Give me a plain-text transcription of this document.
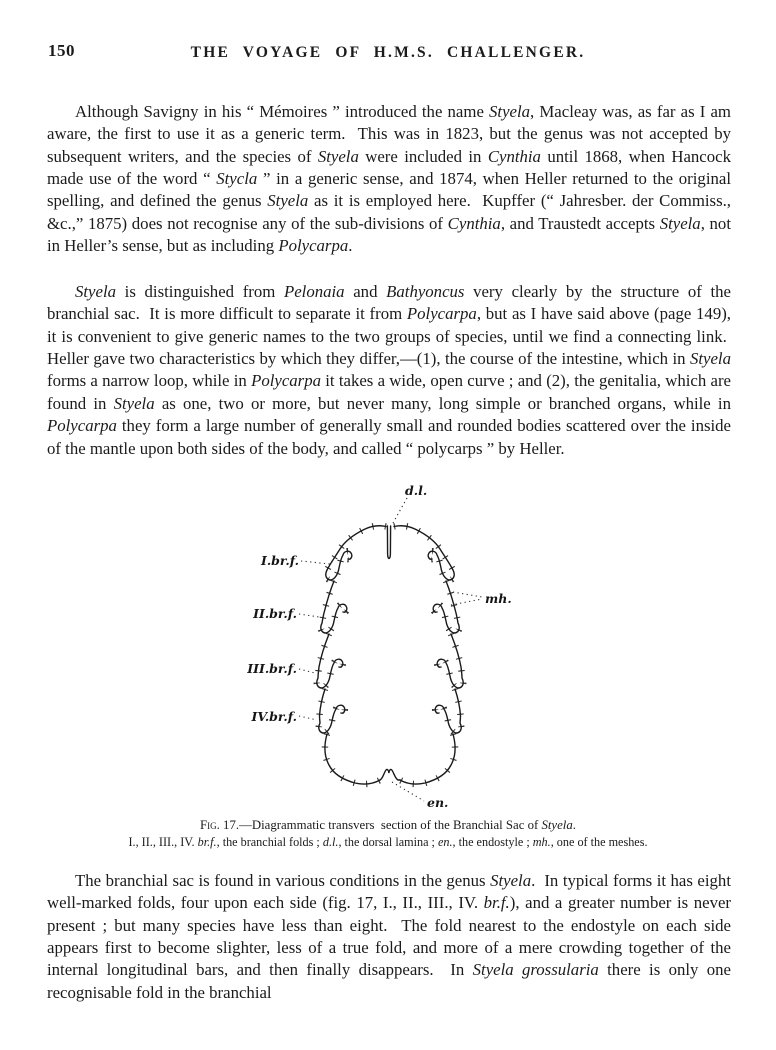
150	THE VOYAGE OF H.M.S. CHALLENGER.

Although Savigny in his “ Mémoires ” introduced the name Styela, Macleay was, as far as I am aware, the first to use it as a generic term.  This was in 1823, but the genus was not accepted by subsequent writers, and the species of Styela were included in Cynthia until 1868, when Hancock made use of the word “ Stycla ” in a generic sense, and 1874, when Heller returned to the original spelling, and defined the genus Styela as it is employed here.  Kupffer (“ Jahresber. der Commiss., &c.,” 1875) does not recognise any of the sub-divisions of Cynthia, and Traustedt accepts Styela, not in Heller’s sense, but as including Polycarpa.

Styela is distinguished from Pelonaia and Bathyoncus very clearly by the structure of the branchial sac.  It is more difficult to separate it from Polycarpa, but as I have said above (page 149), it is convenient to give generic names to the two groups of species, until we find a connecting link.  Heller gave two characteristics by which they differ,—(1), the course of the intestine, which in Styela forms a narrow loop, while in Polycarpa it takes a wide, open curve ; and (2), the genitalia, which are found in Styela as one, two or more, but never many, long simple or branched organs, while in Polycarpa they form a large number of generally small and rounded bodies scattered over the inside of the mantle upon both sides of the body, and called “ polycarps ” by Heller.

d.l.
I.br.f.
II.br.f.
III.br.f.
IV.br.f.
mh.
en.
Fig. 17.—Diagrammatic transvers  section of the Branchial Sac of Styela.
I., II., III., IV. br.f., the branchial folds ; d.l., the dorsal lamina ; en., the endostyle ; mh., one of the meshes.

The branchial sac is found in various conditions in the genus Styela.  In typical forms it has eight well-marked folds, four upon each side (fig. 17, I., II., III., IV. br.f.), and a greater number is never present ; but many species have less than eight.  The fold nearest to the endostyle on each side appears first to become slighter, less of a true fold, and more of a mere crowding together of the internal longitudinal bars, and then finally disappears.  In Styela grossularia there is only one recognisable fold in the branchial
